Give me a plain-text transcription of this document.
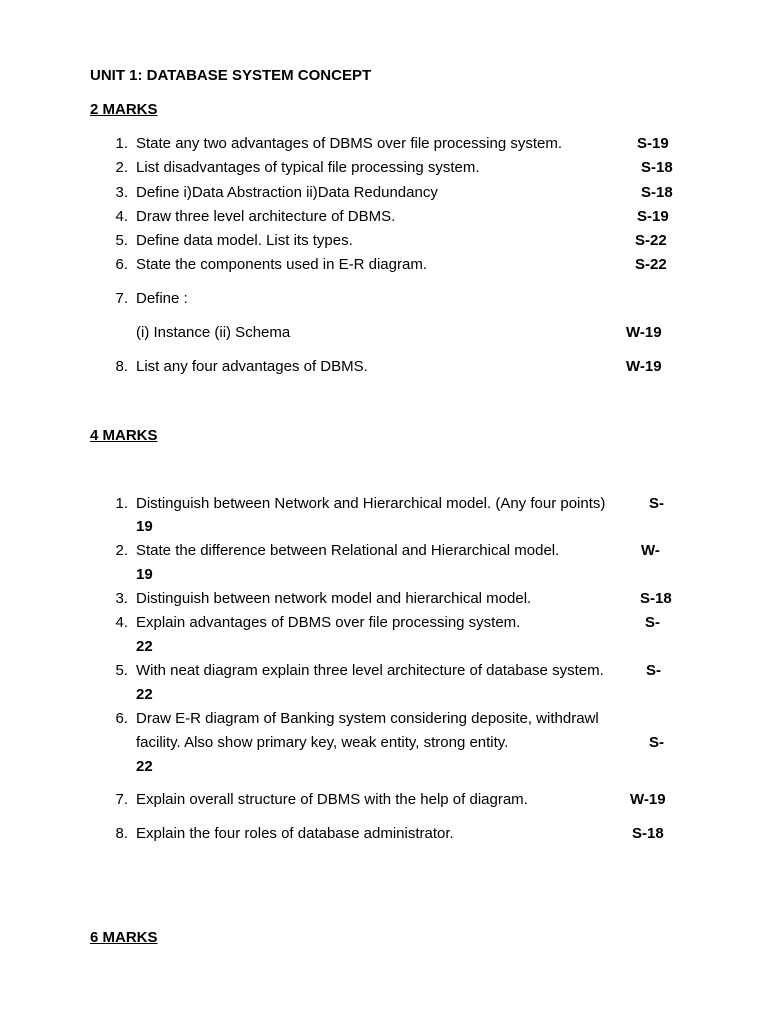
UNIT 1: DATABASE SYSTEM CONCEPT
2 MARKS
1. State any two advantages of DBMS over file processing system.	S-19
2. List disadvantages of typical file processing system.	S-18
3. Define i)Data Abstraction ii)Data Redundancy	S-18
4. Draw three level architecture of DBMS.	S-19
5. Define data model. List its types.	S-22
6. State the components used in E-R diagram.	S-22
7. Define :
(i) Instance (ii) Schema	W-19
8. List any four advantages of DBMS.	W-19
4 MARKS
1. Distinguish between Network and Hierarchical model. (Any four points)	S-
19
2. State the difference between Relational and Hierarchical model.	W-
19
3. Distinguish between network model and hierarchical model.	S-18
4. Explain advantages of DBMS over file processing system.	S-
22
5. With neat diagram explain three level architecture of database system.	S-
22
6. Draw E-R diagram of Banking system considering deposite, withdrawl
facility. Also show primary key, weak entity, strong entity.	S-
22
7. Explain overall structure of DBMS with the help of diagram.	W-19
8. Explain the four roles of database administrator.	S-18
6 MARKS
